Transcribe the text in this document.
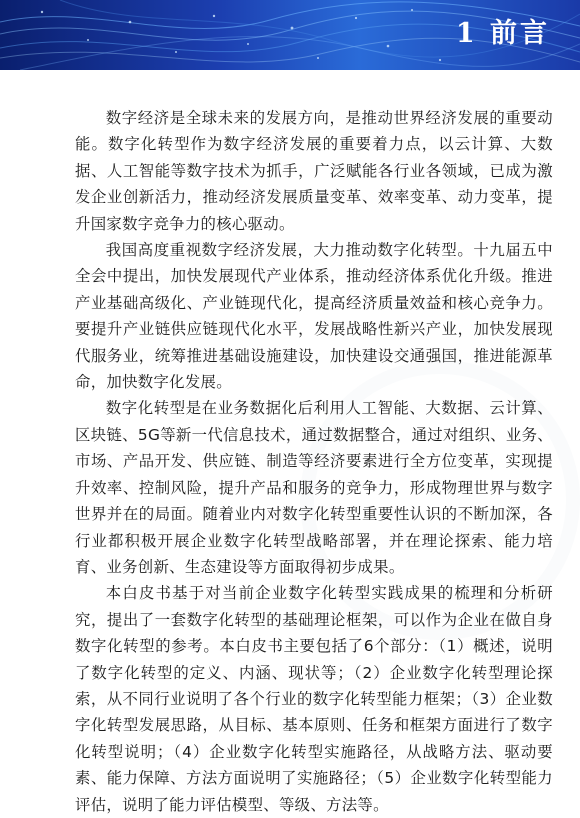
1 前言

数字经济是全球未来的发展方向，是推动世界经济发展的重要动能。数字化转型作为数字经济发展的重要着力点，以云计算、大数据、人工智能等数字技术为抓手，广泛赋能各行业各领域，已成为激发企业创新活力，推动经济发展质量变革、效率变革、动力变革，提升国家数字竞争力的核心驱动。

我国高度重视数字经济发展，大力推动数字化转型。十九届五中全会中提出，加快发展现代产业体系，推动经济体系优化升级。推进产业基础高级化、产业链现代化，提高经济质量效益和核心竞争力。要提升产业链供应链现代化水平，发展战略性新兴产业，加快发展现代服务业，统筹推进基础设施建设，加快建设交通强国，推进能源革命，加快数字化发展。

数字化转型是在业务数据化后利用人工智能、大数据、云计算、区块链、5G等新一代信息技术，通过数据整合，通过对组织、业务、市场、产品开发、供应链、制造等经济要素进行全方位变革，实现提升效率、控制风险，提升产品和服务的竞争力，形成物理世界与数字世界并在的局面。随着业内对数字化转型重要性认识的不断加深，各行业都积极开展企业数字化转型战略部署，并在理论探索、能力培育、业务创新、生态建设等方面取得初步成果。

本白皮书基于对当前企业数字化转型实践成果的梳理和分析研究，提出了一套数字化转型的基础理论框架，可以作为企业在做自身数字化转型的参考。本白皮书主要包括了6个部分：（1）概述，说明了数字化转型的定义、内涵、现状等；（2）企业数字化转型理论探索，从不同行业说明了各个行业的数字化转型能力框架；（3）企业数字化转型发展思路，从目标、基本原则、任务和框架方面进行了数字化转型说明；（4）企业数字化转型实施路径，从战略方法、驱动要素、能力保障、方法方面说明了实施路径；（5）企业数字化转型能力评估，说明了能力评估模型、等级、方法等。
